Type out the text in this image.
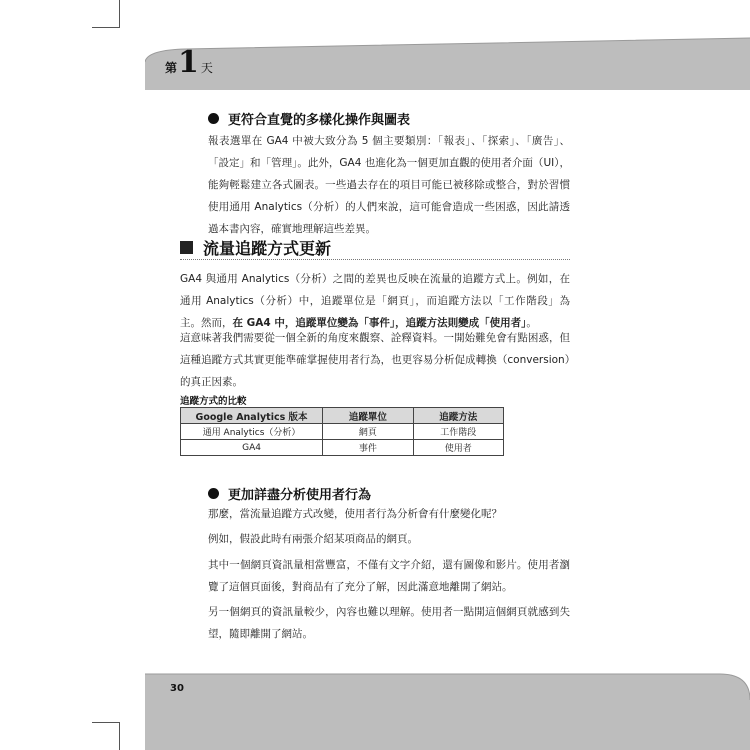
第 1 天
更符合直覺的多樣化操作與圖表
報表選單在 GA4 中被大致分為 5 個主要類別：「報表」、「探索」、「廣告」、「設定」和「管理」。此外，GA4 也進化為一個更加直觀的使用者介面（UI），能夠輕鬆建立各式圖表。一些過去存在的項目可能已被移除或整合，對於習慣使用通用 Analytics（分析）的人們來說，這可能會造成一些困惑，因此請透過本書內容，確實地理解這些差異。
流量追蹤方式更新
GA4 與通用 Analytics（分析）之間的差異也反映在流量的追蹤方式上。例如，在通用 Analytics（分析）中，追蹤單位是「網頁」，而追蹤方法以「工作階段」為主。然而，在 GA4 中，追蹤單位變為「事件」，追蹤方法則變成「使用者」。
這意味著我們需要從一個全新的角度來觀察、詮釋資料。一開始難免會有點困惑，但這種追蹤方式其實更能準確掌握使用者行為，也更容易分析促成轉換（conversion）的真正因素。
追蹤方式的比較
Google Analytics 版本	追蹤單位	追蹤方法
通用 Analytics（分析）	網頁	工作階段
GA4	事件	使用者
更加詳盡分析使用者行為
那麼，當流量追蹤方式改變，使用者行為分析會有什麼變化呢？
例如，假設此時有兩張介紹某項商品的網頁。
其中一個網頁資訊量相當豐富，不僅有文字介紹，還有圖像和影片。使用者瀏覽了這個頁面後，對商品有了充分了解，因此滿意地離開了網站。
另一個網頁的資訊量較少，內容也難以理解。使用者一點開這個網頁就感到失望，隨即離開了網站。
30
